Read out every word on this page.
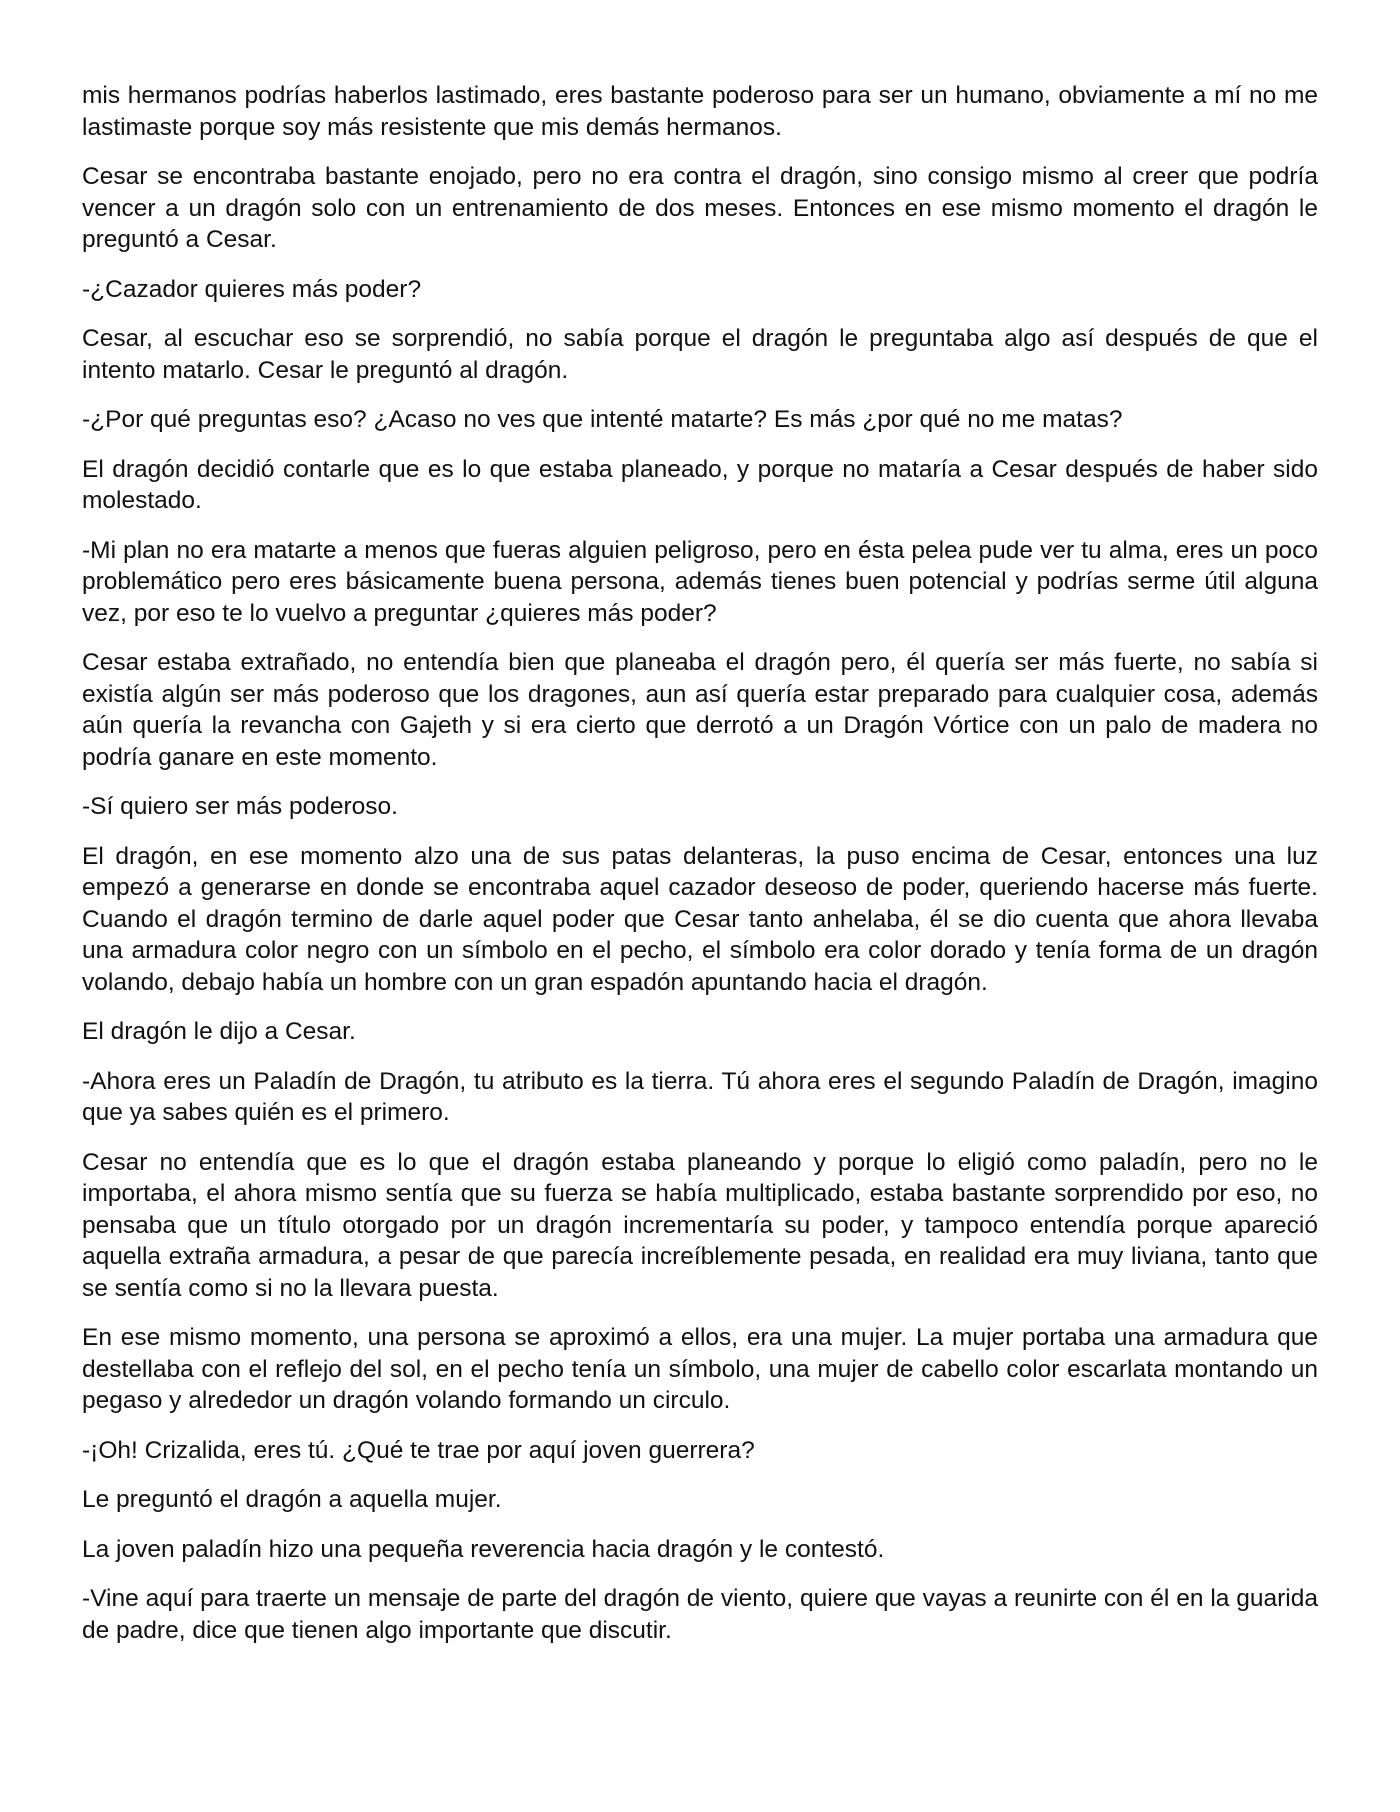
mis hermanos podrías haberlos lastimado, eres bastante poderoso para ser un humano, obviamente a mí no me lastimaste porque soy más resistente que mis demás hermanos.

Cesar se encontraba bastante enojado, pero no era contra el dragón, sino consigo mismo al creer que podría vencer a un dragón solo con un entrenamiento de dos meses. Entonces en ese mismo momento el dragón le preguntó a Cesar.

-¿Cazador quieres más poder?

Cesar, al escuchar eso se sorprendió, no sabía porque el dragón le preguntaba algo así después de que el intento matarlo. Cesar le preguntó al dragón.

-¿Por qué preguntas eso? ¿Acaso no ves que intenté matarte? Es más ¿por qué no me matas?

El dragón decidió contarle que es lo que estaba planeado, y porque no mataría a Cesar después de haber sido molestado.

-Mi plan no era matarte a menos que fueras alguien peligroso, pero en ésta pelea pude ver tu alma, eres un poco problemático pero eres básicamente buena persona, además tienes buen potencial y podrías serme útil alguna vez, por eso te lo vuelvo a preguntar ¿quieres más poder?

Cesar estaba extrañado, no entendía bien que planeaba el dragón pero, él quería ser más fuerte, no sabía si existía algún ser más poderoso que los dragones, aun así quería estar preparado para cualquier cosa, además aún quería la revancha con Gajeth y si era cierto que derrotó a un Dragón Vórtice con un palo de madera no podría ganare en este momento.

-Sí quiero ser más poderoso.

El dragón, en ese momento alzo una de sus patas delanteras, la puso encima de Cesar, entonces una luz empezó a generarse en donde se encontraba aquel cazador deseoso de poder, queriendo hacerse más fuerte. Cuando el dragón termino de darle aquel poder que Cesar tanto anhelaba, él se dio cuenta que ahora llevaba una armadura color negro con un símbolo en el pecho, el símbolo era color dorado y tenía forma de un dragón volando, debajo había un hombre con un gran espadón apuntando hacia el dragón.

El dragón le dijo a Cesar.

-Ahora eres un Paladín de Dragón, tu atributo es la tierra. Tú ahora eres el segundo Paladín de Dragón, imagino que ya sabes quién es el primero.

Cesar no entendía que es lo que el dragón estaba planeando y porque lo eligió como paladín, pero no le importaba, el ahora mismo sentía que su fuerza se había multiplicado, estaba bastante sorprendido por eso, no pensaba que un título otorgado por un dragón incrementaría su poder, y tampoco entendía porque apareció aquella extraña armadura, a pesar de que parecía increíblemente pesada, en realidad era muy liviana, tanto que se sentía como si no la llevara puesta.

En ese mismo momento, una persona se aproximó a ellos, era una mujer. La mujer portaba una armadura que destellaba con el reflejo del sol, en el pecho tenía un símbolo, una mujer de cabello color escarlata montando un pegaso y alrededor un dragón volando formando un circulo.

-¡Oh! Crizalida, eres tú. ¿Qué te trae por aquí joven guerrera?

Le preguntó el dragón a aquella mujer.

La joven paladín hizo una pequeña reverencia hacia dragón y le contestó.

-Vine aquí para traerte un mensaje de parte del dragón de viento, quiere que vayas a reunirte con él en la guarida de padre, dice que tienen algo importante que discutir.
